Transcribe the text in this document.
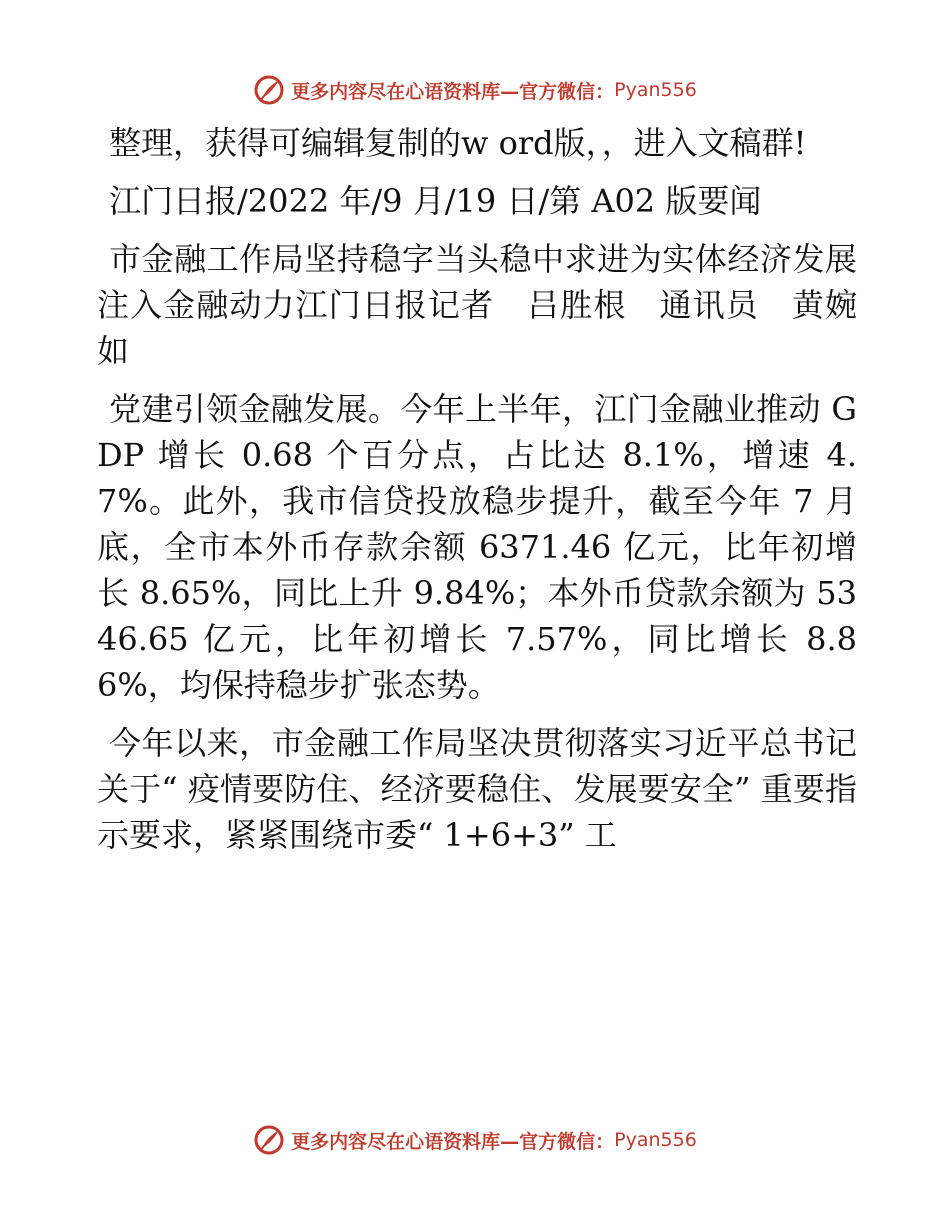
更多内容尽在心语资料库—官方微信： Pyan556

整理，获得可编辑复制的w ord版，，进入文稿群!

江门日报/2022 年/9 月/19 日/第 A02 版要闻

市金融工作局坚持稳字当头稳中求进为实体经济发展注入金融动力江门日报记者　吕胜根　通讯员　黄婉如

党建引领金融发展。今年上半年，江门金融业推动 GDP 增长 0.68 个百分点，占比达 8.1%，增速 4.7%。此外，我市信贷投放稳步提升，截至今年 7 月底，全市本外币存款余额 6371.46 亿元，比年初增长 8.65%，同比上升 9.84%；本外币贷款余额为 5346.65 亿元，比年初增长 7.57%，同比增长 8.86%，均保持稳步扩张态势。

今年以来，市金融工作局坚决贯彻落实习近平总书记关于“ 疫情要防住、经济要稳住、发展要安全” 重要指示要求，紧紧围绕市委“ 1+6+3” 工

更多内容尽在心语资料库—官方微信： Pyan556
